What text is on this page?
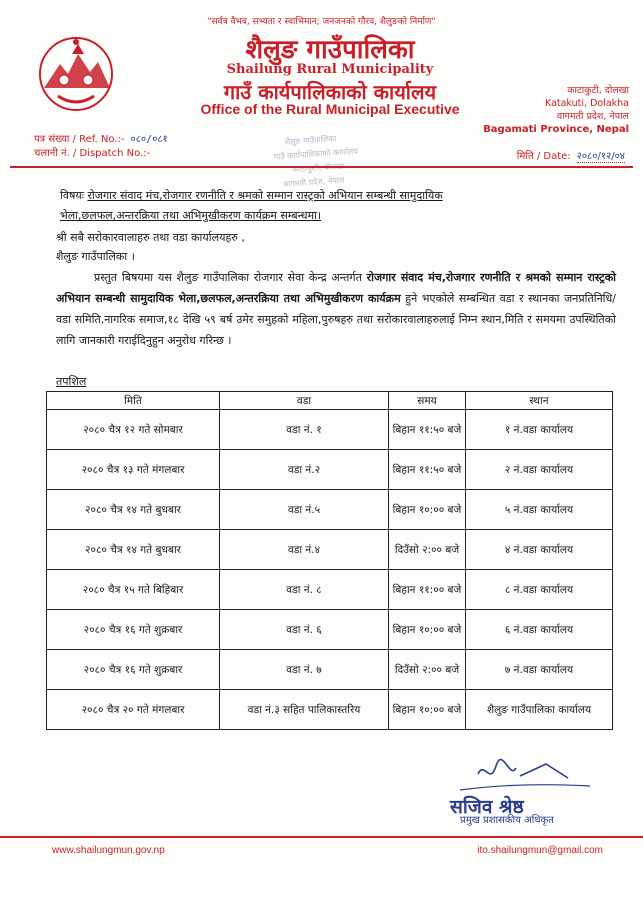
"सर्वत्र वैभव, सभ्यता र स्वाभिमान; जनजनको गौरव, शैलुङको निर्माण"
शैलुङ गाउँपालिका
Shailung Rural Municipality
गाउँ कार्यपालिकाको कार्यालय
Office of the Rural Municipal Executive
काटाकुटी, दोलखा
Katakuti, Dolakha
वागमती प्रदेश, नेपाल
Bagamati Province, Nepal
पत्र संख्या / Ref. No.:- ०८०/०८१
चलानी नं. / Dispatch No.:-	मिति / Date: २०८०/१२/०४
शैलुङ गाउँपालिका
गाउँ कार्यपालिकाको कार्यालय
बागमती प्रदेश, नेपाल
विषयः रोजगार संवाद मंच,रोजगार रणनीति र श्रमको सम्मान रास्ट्रको अभियान सम्बन्धी सामुदायिक
भेला,छलफल,अन्तरक्रिया तथा अभिमुखीकरण कार्यक्रम सम्बन्धमा।
श्री सबै सरोकारवालाहरु तथा वडा कार्यालयहरु ,
शैलुङ गाउँपालिका ।
प्रस्तुत बिषयमा यस शैलुङ गाउँपालिका रोजगार सेवा केन्द्र अन्तर्गत रोजगार संवाद मंच,रोजगार रणनीति र श्रमको सम्मान रास्ट्रको अभियान सम्बन्धी सामुदायिक भेला,छलफल,अन्तरक्रिया तथा अभिमुखीकरण कार्यक्रम हुने भएकोले सम्बन्धित वडा र स्थानका जनप्रतिनिधि/वडा समिति,नागरिक समाज,१८ देखि ५९ बर्ष उमेर समुहको महिला,पुरुषहरु तथा सरोकारवालाहरुलाई निम्न स्थान,मिति र समयमा उपस्थितिको लागि जानकारी गराईदिनुहुन अनुरोध गरिन्छ ।
तपशिल
मिति	वडा	समय	स्थान
२०८० चैत्र १२ गते सोमबार	वडा नं. १	बिहान ११:५० बजे	१ नं.वडा कार्यालय
२०८० चैत्र १३ गते मंगलबार	वडा नं.२	बिहान ११:५० बजे	२ नं.वडा कार्यालय
२०८० चैत्र १४ गते बुधबार	वडा नं.५	बिहान १०:०० बजे	५ नं.वडा कार्यालय
२०८० चैत्र १४ गते बुधबार	वडा नं.४	दिउँसो २:०० बजे	४ नं.वडा कार्यालय
२०८० चैत्र १५ गते बिहिबार	वडा नं. ८	बिहान ११:०० बजे	८ नं.वडा कार्यालय
२०८० चैत्र १६ गते शुक्रबार	वडा नं. ६	बिहान १०:०० बजे	६ नं.वडा कार्यालय
२०८० चैत्र १६ गते शुक्रबार	वडा नं. ७	दिउँसो २:०० बजे	७ नं.वडा कार्यालय
२०८० चैत्र २० गते मंगलबार	वडा नं.३ सहित पालिकास्तरिय	बिहान १०:०० बजे	शैलुङ गाउँपालिका कार्यालय
सजिव श्रेष्ठ
प्रमुख प्रशासकीय अधिकृत
www.shailungmun.gov.np	ito.shailungmun@gmail.com
